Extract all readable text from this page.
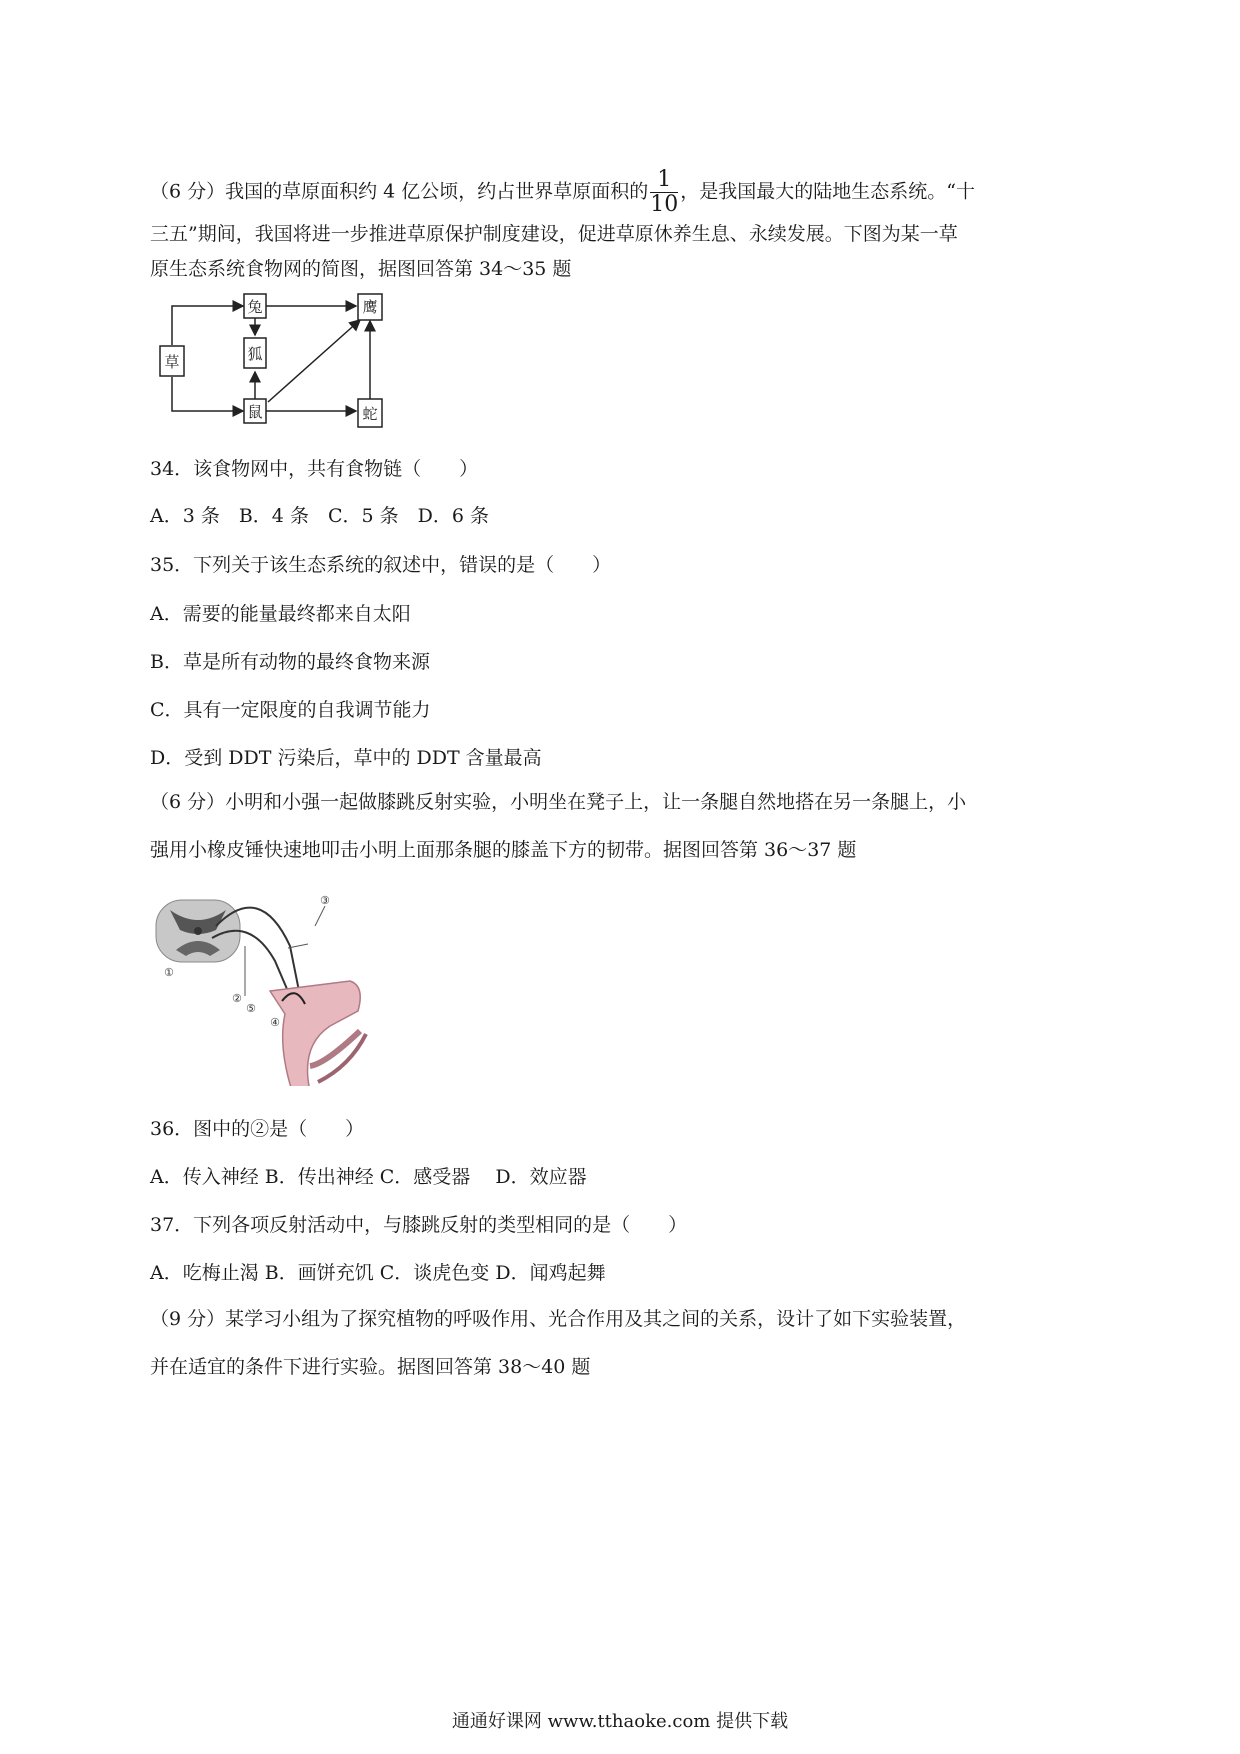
（6 分）我国的草原面积约 4 亿公顷，约占世界草原面积的 $\frac{1}{10}$ ，是我国最大的陆地生态系统。“十
三五”期间，我国将进一步推进草原保护制度建设，促进草原休养生息、永续发展。下图为某一草
原生态系统食物网的简图，据图回答第 34～35 题
草
兔
狐
鼠
鹰
蛇
34．该食物网中，共有食物链（　　）
A．3 条　B．4 条　C．5 条　D．6 条
35．下列关于该生态系统的叙述中，错误的是（　　）
A．需要的能量最终都来自太阳
B．草是所有动物的最终食物来源
C．具有一定限度的自我调节能力
D．受到 DDT 污染后，草中的 DDT 含量最高
（6 分）小明和小强一起做膝跳反射实验，小明坐在凳子上，让一条腿自然地搭在另一条腿上，小
强用小橡皮锤快速地叩击小明上面那条腿的膝盖下方的韧带。据图回答第 36～37 题
①
②
③
④
⑤
36．图中的②是（　　）
A．传入神经 B．传出神经 C．感受器　 D．效应器
37．下列各项反射活动中，与膝跳反射的类型相同的是（　　）
A．吃梅止渴 B．画饼充饥 C．谈虎色变 D．闻鸡起舞
（9 分）某学习小组为了探究植物的呼吸作用、光合作用及其之间的关系，设计了如下实验装置，
并在适宜的条件下进行实验。据图回答第 38～40 题
通通好课网 www.tthaoke.com 提供下载
